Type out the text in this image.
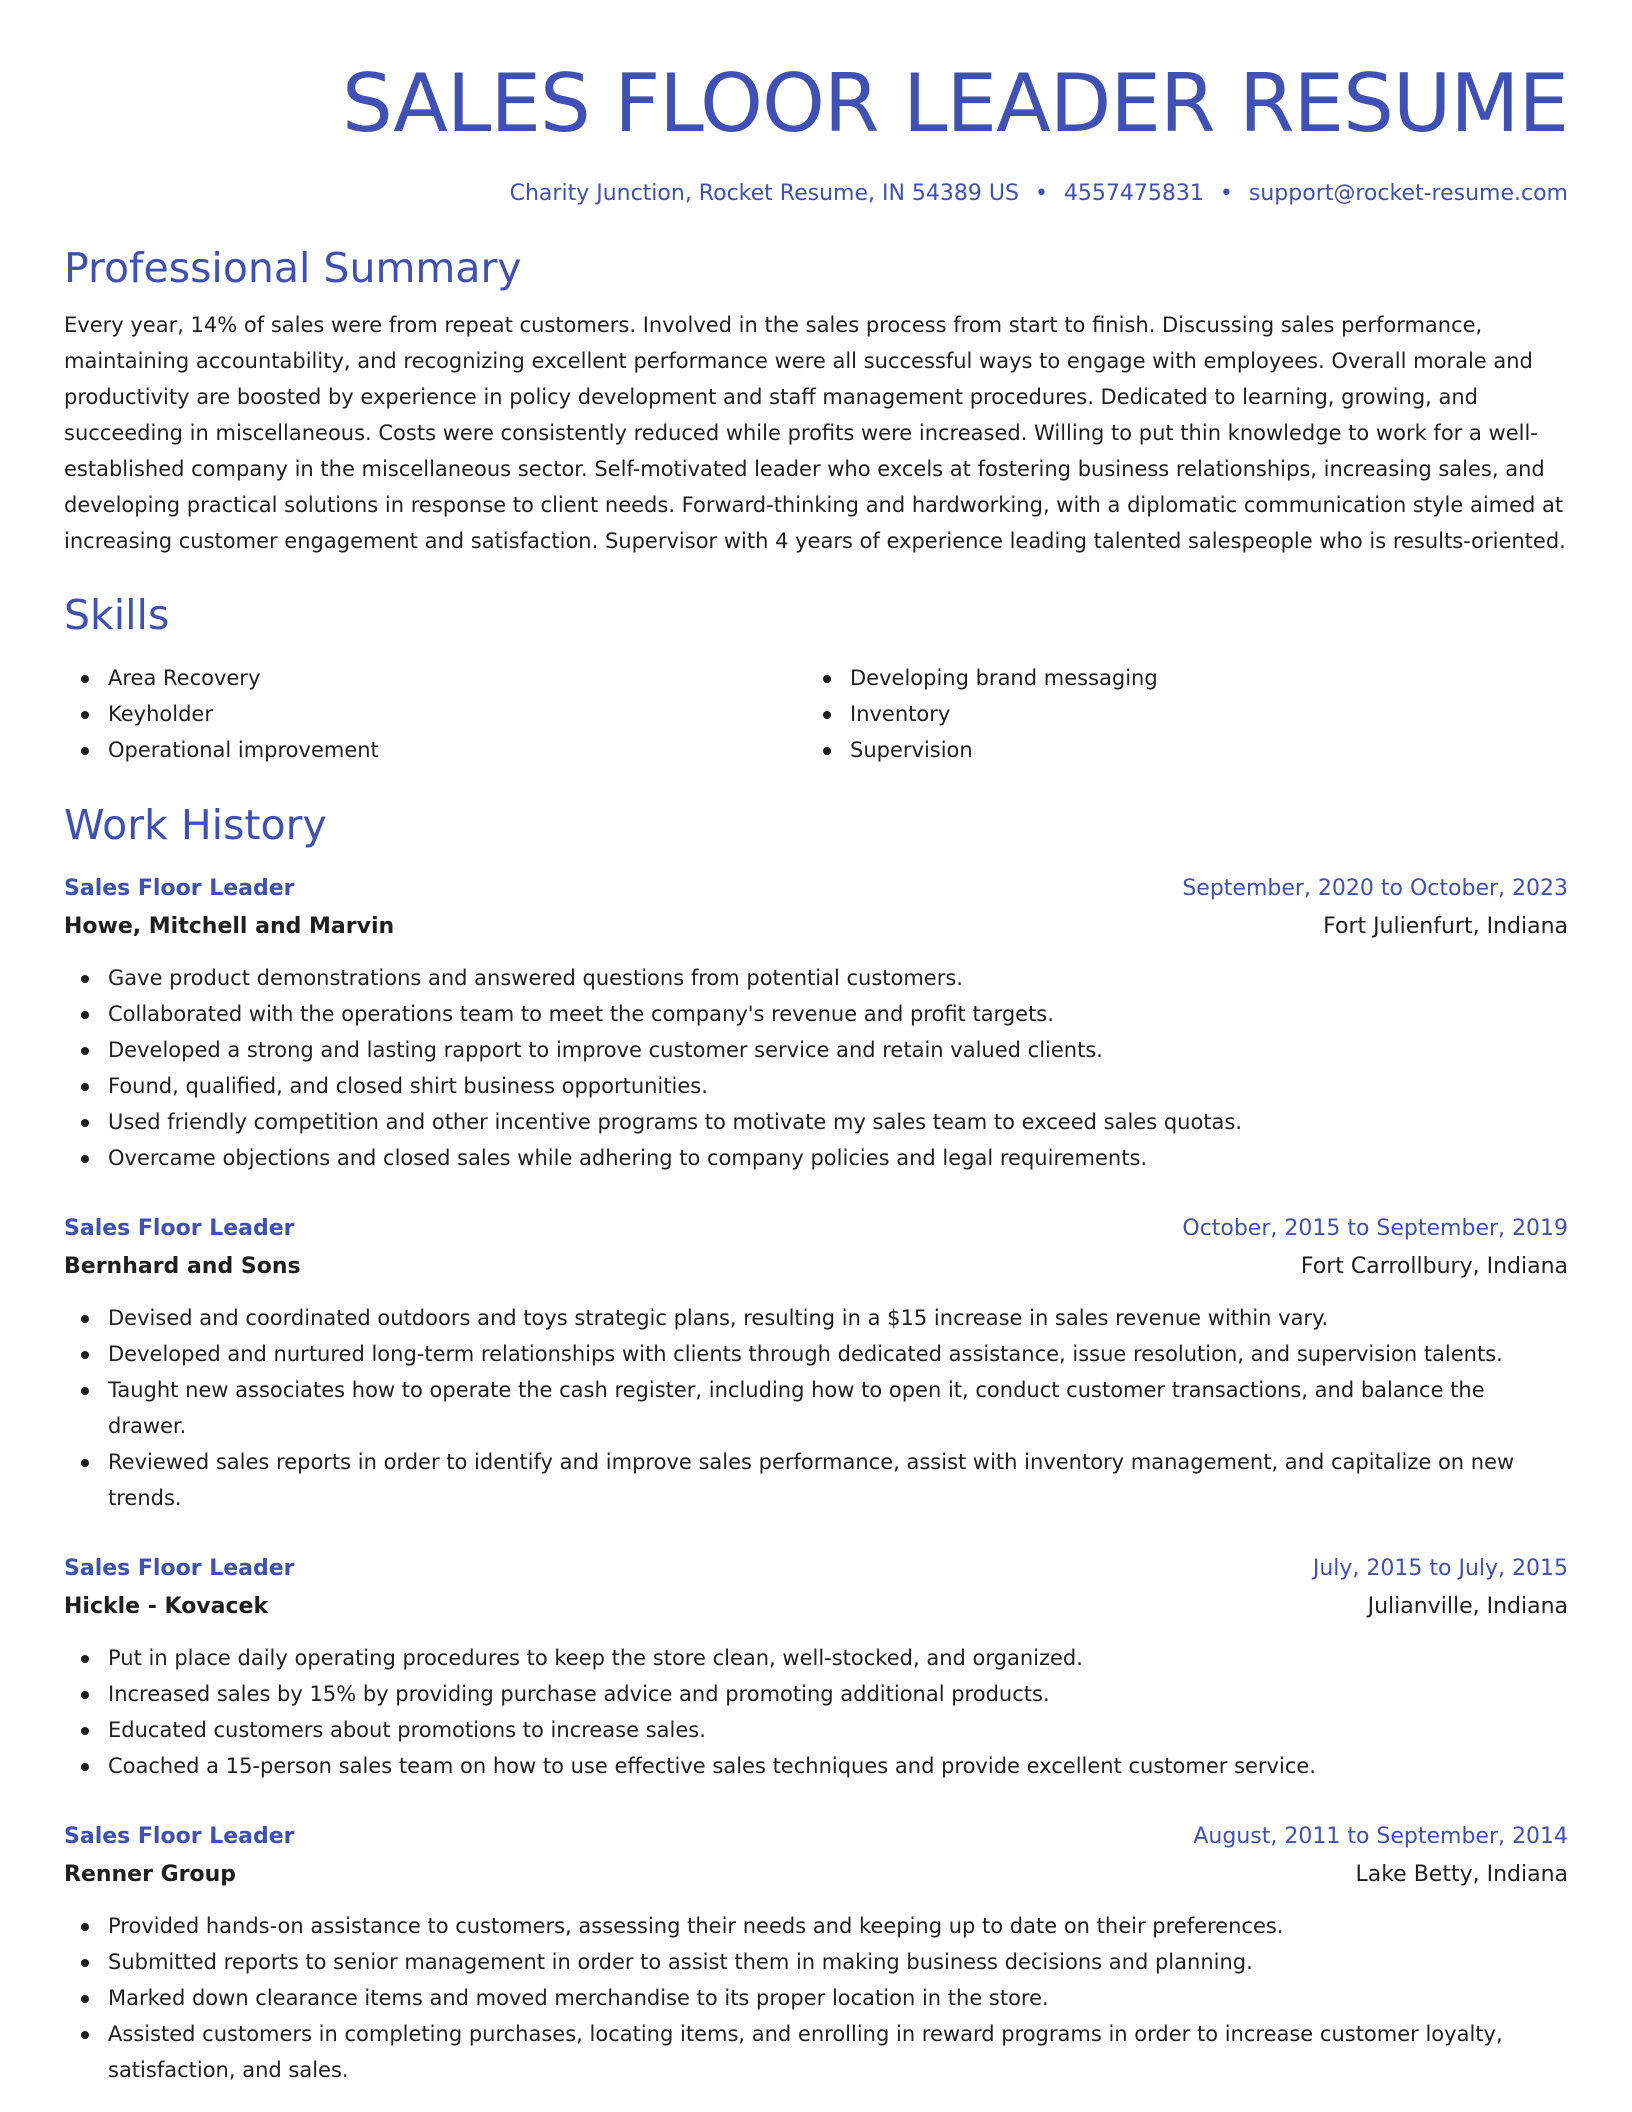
SALES FLOOR LEADER RESUME
Charity Junction, Rocket Resume, IN 54389 US • 4557475831 • support@rocket-resume.com
Professional Summary
Every year, 14% of sales were from repeat customers. Involved in the sales process from start to finish. Discussing sales performance, maintaining accountability, and recognizing excellent performance were all successful ways to engage with employees. Overall morale and productivity are boosted by experience in policy development and staff management procedures. Dedicated to learning, growing, and succeeding in miscellaneous. Costs were consistently reduced while profits were increased. Willing to put thin knowledge to work for a well-established company in the miscellaneous sector. Self-motivated leader who excels at fostering business relationships, increasing sales, and developing practical solutions in response to client needs. Forward-thinking and hardworking, with a diplomatic communication style aimed at increasing customer engagement and satisfaction. Supervisor with 4 years of experience leading talented salespeople who is results-oriented.
Skills
Area Recovery
Keyholder
Operational improvement
Developing brand messaging
Inventory
Supervision
Work History
Sales Floor Leader	September, 2020 to October, 2023
Howe, Mitchell and Marvin	Fort Julienfurt, Indiana
Gave product demonstrations and answered questions from potential customers.
Collaborated with the operations team to meet the company's revenue and profit targets.
Developed a strong and lasting rapport to improve customer service and retain valued clients.
Found, qualified, and closed shirt business opportunities.
Used friendly competition and other incentive programs to motivate my sales team to exceed sales quotas.
Overcame objections and closed sales while adhering to company policies and legal requirements.
Sales Floor Leader	October, 2015 to September, 2019
Bernhard and Sons	Fort Carrollbury, Indiana
Devised and coordinated outdoors and toys strategic plans, resulting in a $15 increase in sales revenue within vary.
Developed and nurtured long-term relationships with clients through dedicated assistance, issue resolution, and supervision talents.
Taught new associates how to operate the cash register, including how to open it, conduct customer transactions, and balance the drawer.
Reviewed sales reports in order to identify and improve sales performance, assist with inventory management, and capitalize on new trends.
Sales Floor Leader	July, 2015 to July, 2015
Hickle - Kovacek	Julianville, Indiana
Put in place daily operating procedures to keep the store clean, well-stocked, and organized.
Increased sales by 15% by providing purchase advice and promoting additional products.
Educated customers about promotions to increase sales.
Coached a 15-person sales team on how to use effective sales techniques and provide excellent customer service.
Sales Floor Leader	August, 2011 to September, 2014
Renner Group	Lake Betty, Indiana
Provided hands-on assistance to customers, assessing their needs and keeping up to date on their preferences.
Submitted reports to senior management in order to assist them in making business decisions and planning.
Marked down clearance items and moved merchandise to its proper location in the store.
Assisted customers in completing purchases, locating items, and enrolling in reward programs in order to increase customer loyalty, satisfaction, and sales.
